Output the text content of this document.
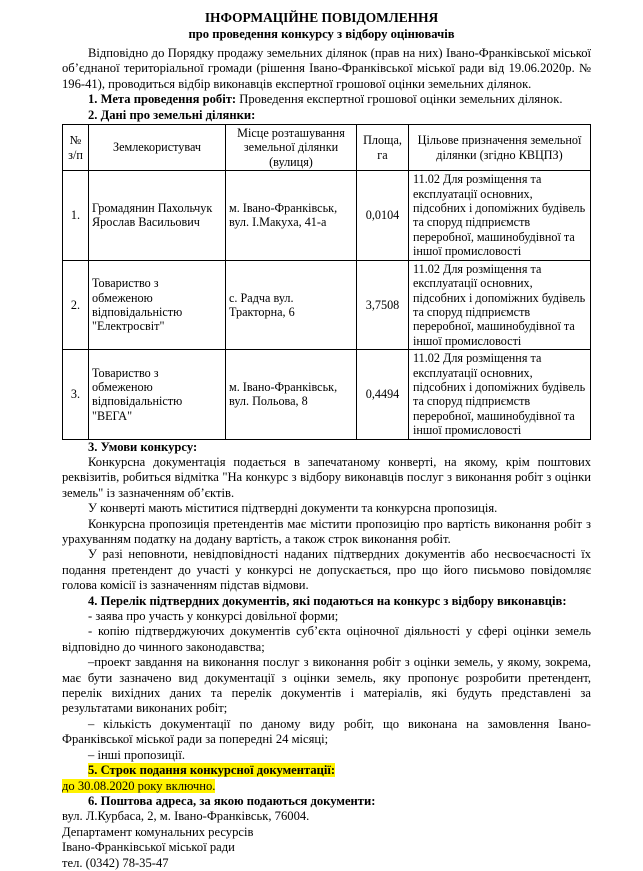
ІНФОРМАЦІЙНЕ ПОВІДОМЛЕННЯ
про проведення конкурсу з відбору оцінювачів

Відповідно до Порядку продажу земельних ділянок (прав на них) Івано-Франківської міської об’єднаної територіальної громади (рішення Івано-Франківської міської ради від 19.06.2020р. № 196-41), проводиться відбір виконавців експертної грошової оцінки земельних ділянок.

1. Мета проведення робіт: Проведення експертної грошової оцінки земельних ділянок.

2. Дані про земельні ділянки:

№ з/п	Землекористувач	Місце розташування земельної ділянки (вулиця)	Площа, га	Цільове призначення земельної ділянки (згідно КВЦПЗ)
1.	Громадянин Пахольчук Ярослав Васильович	м. Івано-Франківськ, вул. І.Макуха, 41-а	0,0104	11.02 Для розміщення та експлуатації основних, підсобних і допоміжних будівель та споруд підприємств переробної, машинобудівної та іншої промисловості
2.	Товариство з обмеженою відповідальністю "Електросвіт"	с. Радча вул. Тракторна, 6	3,7508	11.02 Для розміщення та експлуатації основних, підсобних і допоміжних будівель та споруд підприємств переробної, машинобудівної та іншої промисловості
3.	Товариство з обмеженою відповідальністю "ВЕГА"	м. Івано-Франківськ, вул. Польова, 8	0,4494	11.02 Для розміщення та експлуатації основних, підсобних і допоміжних будівель та споруд підприємств переробної, машинобудівної та іншої промисловості

3. Умови конкурсу:

Конкурсна документація подається в запечатаному конверті, на якому, крім поштових реквізитів, робиться відмітка "На конкурс з відбору виконавців послуг з виконання робіт з оцінки земель" із зазначенням об’єктів.

У конверті мають міститися підтвердні документи та конкурсна пропозиція.

Конкурсна пропозиція претендентів має містити пропозицію про вартість виконання робіт з урахуванням податку на додану вартість, а також строк виконання робіт.

У разі неповноти, невідповідності наданих підтвердних документів або несвоєчасності їх подання претендент до участі у конкурсі не допускається, про що його письмово повідомляє голова комісії із зазначенням підстав відмови.

4. Перелік підтвердних документів, які подаються на конкурс з відбору виконавців:

- заява про участь у конкурсі довільної форми;

- копію підтверджуючих документів суб’єкта оціночної діяльності у сфері оцінки земель відповідно до чинного законодавства;

–проект завдання на виконання послуг з виконання робіт з оцінки земель, у якому, зокрема, має бути зазначено вид документації з оцінки земель, яку пропонує розробити претендент, перелік вихідних даних та перелік документів і матеріалів, які будуть представлені за результатами виконаних робіт;

– кількість документації по даному виду робіт, що виконана на замовлення Івано-Франківської міської ради за попередні 24 місяці;

– інші пропозиції.

5. Строк подання конкурсної документації:

до 30.08.2020 року включно.

6. Поштова адреса, за якою подаються документи:

вул. Л.Курбаса, 2, м. Івано-Франківськ, 76004.

Департамент комунальних ресурсів

Івано-Франківської міської ради

тел. (0342) 78-35-47
